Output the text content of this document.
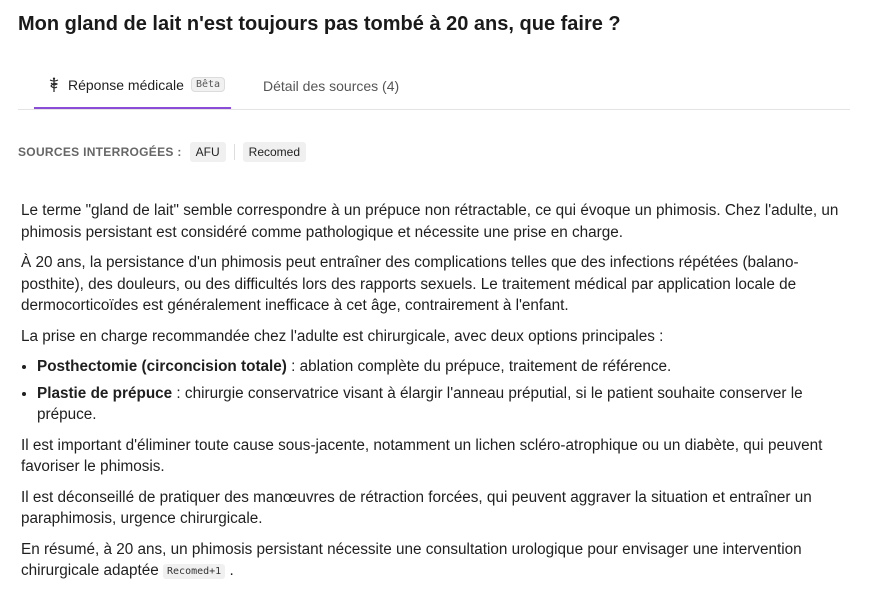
Mon gland de lait n'est toujours pas tombé à 20 ans, que faire ?
Réponse médicale	Bêta	Détail des sources (4)
SOURCES INTERROGÉES :	AFU	Recomed

Le terme "gland de lait" semble correspondre à un prépuce non rétractable, ce qui évoque un phimosis. Chez l'adulte, un phimosis persistant est considéré comme pathologique et nécessite une prise en charge.

À 20 ans, la persistance d'un phimosis peut entraîner des complications telles que des infections répétées (balano-posthite), des douleurs, ou des difficultés lors des rapports sexuels. Le traitement médical par application locale de dermocorticoïdes est généralement inefficace à cet âge, contrairement à l'enfant.

La prise en charge recommandée chez l'adulte est chirurgicale, avec deux options principales :

• Posthectomie (circoncision totale) : ablation complète du prépuce, traitement de référence.
• Plastie de prépuce : chirurgie conservatrice visant à élargir l'anneau préputial, si le patient souhaite conserver le prépuce.

Il est important d'éliminer toute cause sous-jacente, notamment un lichen scléro-atrophique ou un diabète, qui peuvent favoriser le phimosis.

Il est déconseillé de pratiquer des manœuvres de rétraction forcées, qui peuvent aggraver la situation et entraîner un paraphimosis, urgence chirurgicale.

En résumé, à 20 ans, un phimosis persistant nécessite une consultation urologique pour envisager une intervention chirurgicale adaptée Recomed+1 .
